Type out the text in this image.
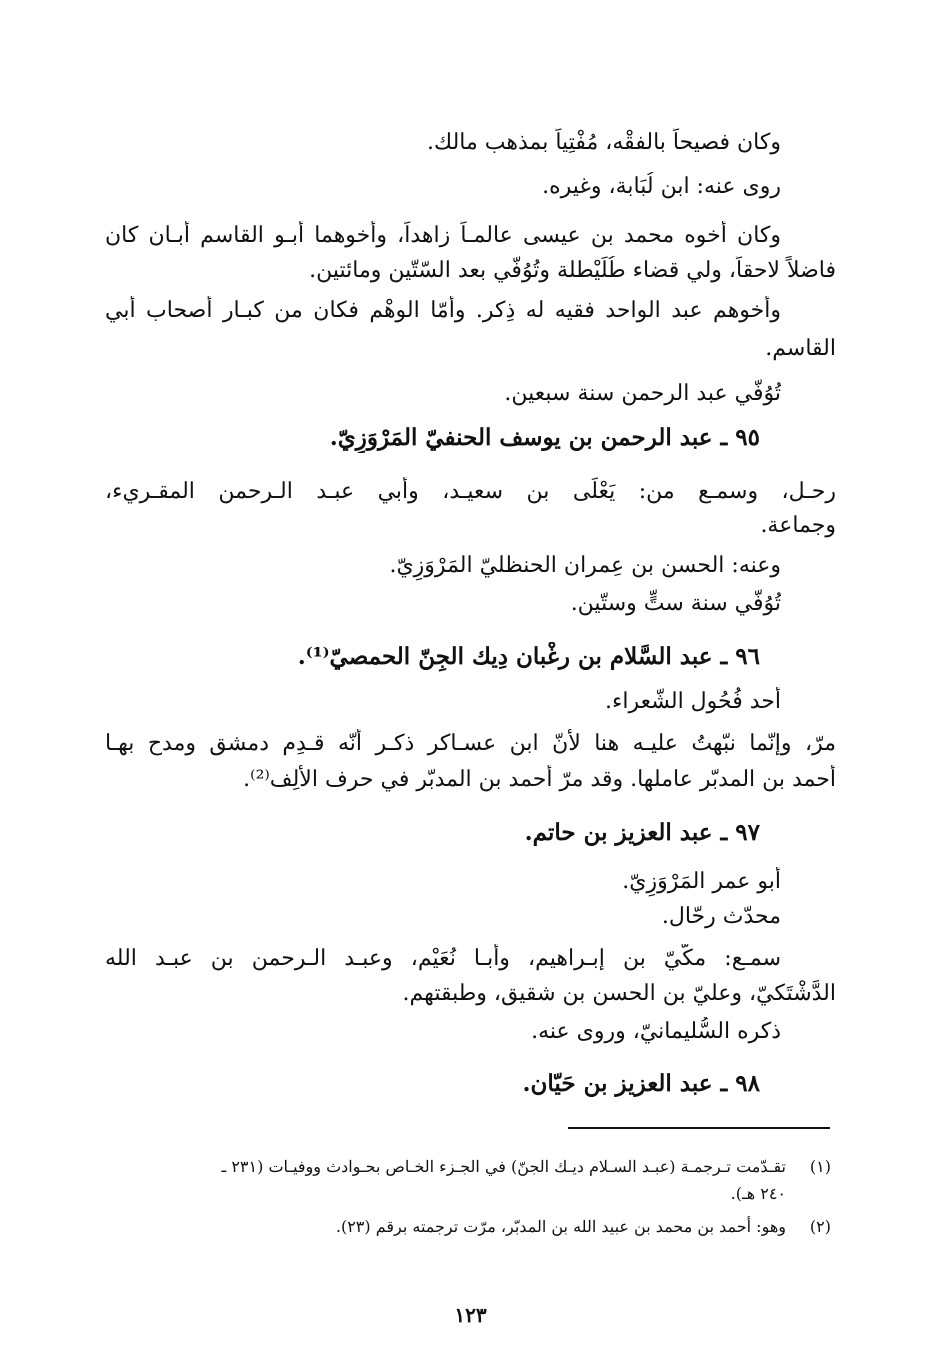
وكان فصيحاً بالفقْه، مُفْتِياً بمذهب مالك.
روى عنه: ابن لُبَابة، وغيره.
وكان أخوه محمد بن عيسى عالمـاً زاهداً، وأخوهما أبـو القاسم أبـان كان
فاضلاً لاحقاً، ولي قضاء طُلَيْطلة وتُوُفّي بعد السّتّين ومائتين.
وأخوهم عبد الواحد فقيه له ذِكر. وأمّا الوهْم فكان من كبـار أصحاب أبي
القاسم.
تُوُفّي عبد الرحمن سنة سبعين.
٩٥ ـ عبد الرحمن بن يوسف الحنفيّ المَرْوَزِيّ.
رحـل، وسمـع من: يَعْلَى بن سعيـد، وأبي عبـد الـرحمن المقـريء،
وجماعة.
وعنه: الحسن بن عِمران الحنظليّ المَرْوَزِيّ.
تُوُفّي سنة ستٍّ وستّين.
٩٦ ـ عبد السَّلام بن رغْبان دِيك الجِنّ الحمصيّ⁽¹⁾.
أحد فُحُول الشّعراء.
مرّ، وإنّما نبّهتُ عليـه هنا لأنّ ابن عسـاكر ذكـر أنّه قـدِم دمشق ومدح بهـا
أحمد بن المدبّر عاملها. وقد مرّ أحمد بن المدبّر في حرف الألِف⁽²⁾.
٩٧ ـ عبد العزيز بن حاتم.
أبو عمر المَرْوَزِيّ.
محدّث رحّال.
سمـع: مكّيّ بن إبـراهيم، وأبـا نُعَيْم، وعبـد الـرحمن بن عبـد الله
الدَّشْتَكيّ، وعليّ بن الحسن بن شقيق، وطبقتهم.
ذكره السُّليمانيّ، وروى عنه.
٩٨ ـ عبد العزيز بن حَيّان.
(١)
تقـدّمت تـرجمـة (عبـد السـلام ديـك الجنّ) في الجـزء الخـاص بحـوادث ووفيـات (٢٣١ ـ
٢٤٠ هـ).
(٢)
وهو: أحمد بن محمد بن عبيد الله بن المدبّر، مرّت ترجمته برقم (٢٣).
١٢٣
